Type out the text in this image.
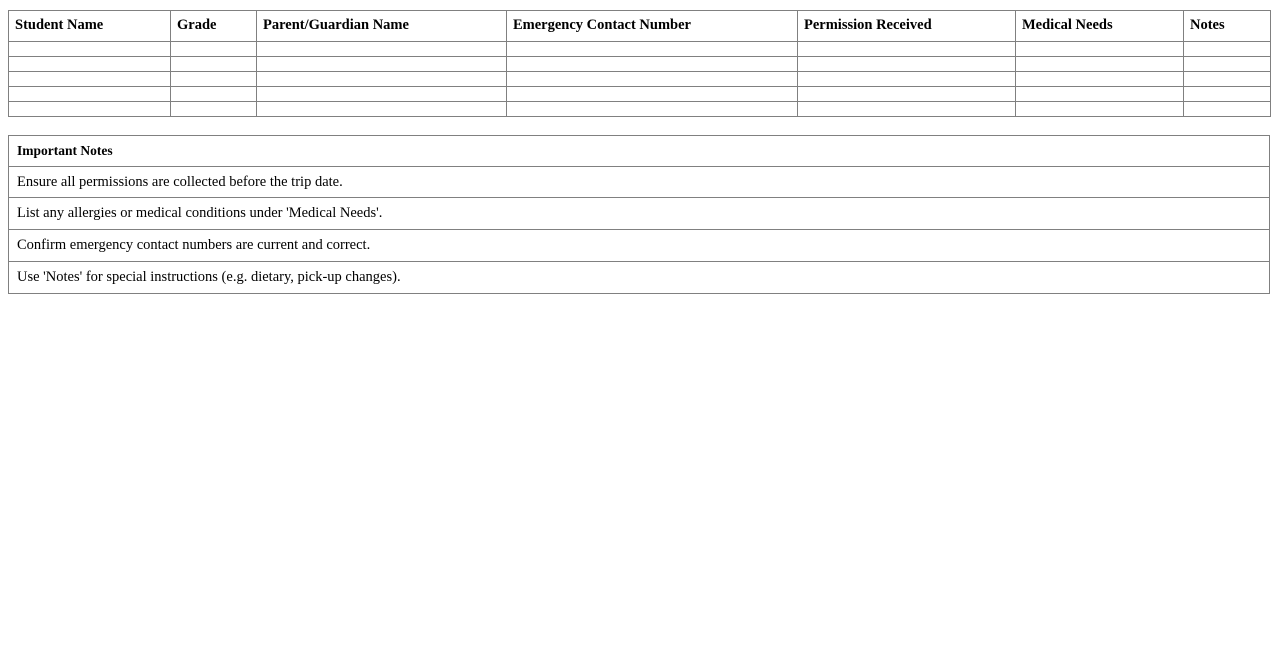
Student Name	Grade	Parent/Guardian Name	Emergency Contact Number	Permission Received	Medical Needs	Notes

Important Notes
Ensure all permissions are collected before the trip date.
List any allergies or medical conditions under 'Medical Needs'.
Confirm emergency contact numbers are current and correct.
Use 'Notes' for special instructions (e.g. dietary, pick-up changes).
